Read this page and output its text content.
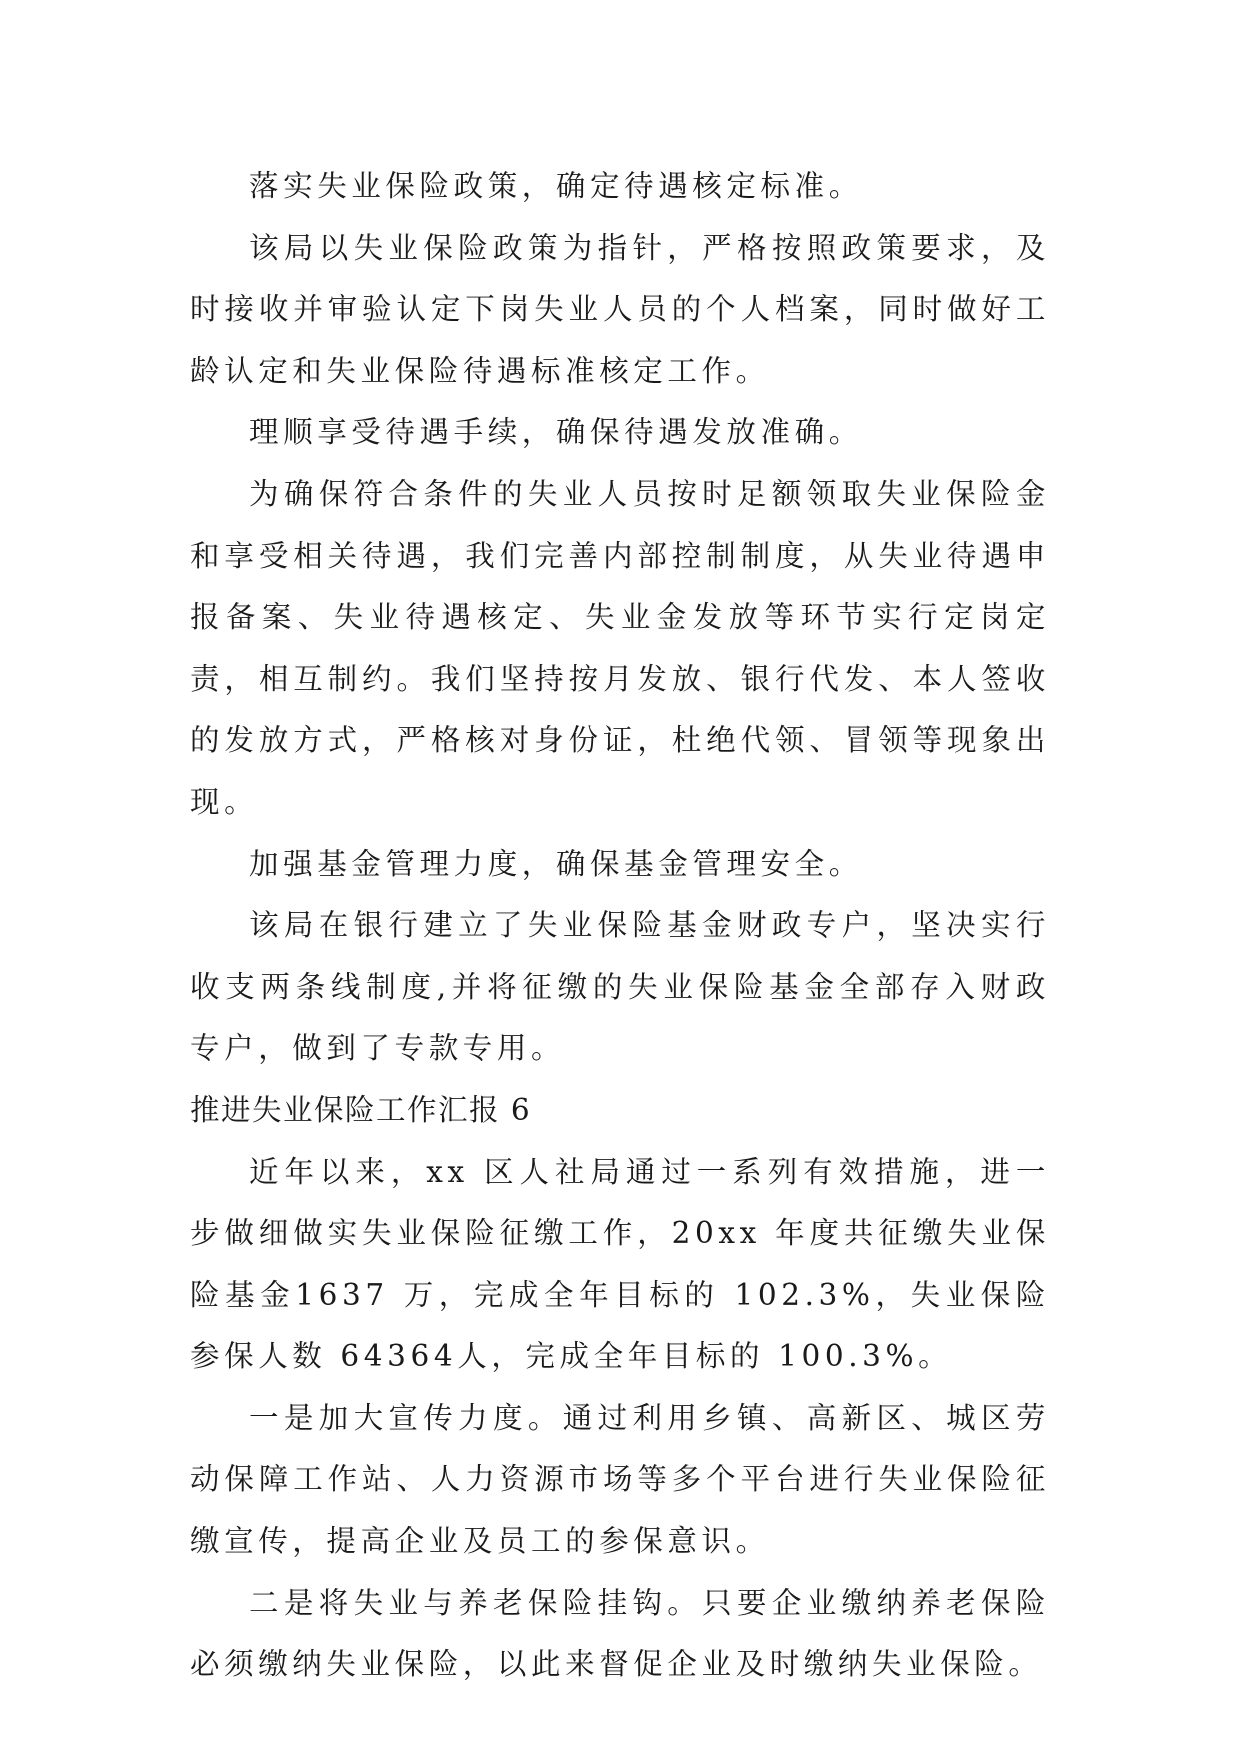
落实失业保险政策，确定待遇核定标准。

该局以失业保险政策为指针，严格按照政策要求，及时接收并审验认定下岗失业人员的个人档案，同时做好工龄认定和失业保险待遇标准核定工作。

理顺享受待遇手续，确保待遇发放准确。

为确保符合条件的失业人员按时足额领取失业保险金和享受相关待遇，我们完善内部控制制度，从失业待遇申报备案、失业待遇核定、失业金发放等环节实行定岗定责，相互制约。我们坚持按月发放、银行代发、本人签收的发放方式，严格核对身份证，杜绝代领、冒领等现象出现。

加强基金管理力度，确保基金管理安全。

该局在银行建立了失业保险基金财政专户，坚决实行收支两条线制度,并将征缴的失业保险基金全部存入财政专户，做到了专款专用。

推进失业保险工作汇报 6

近年以来，xx 区人社局通过一系列有效措施，进一步做细做实失业保险征缴工作，20xx 年度共征缴失业保险基金1637 万，完成全年目标的 102.3%，失业保险参保人数 64364人，完成全年目标的 100.3%。

一是加大宣传力度。通过利用乡镇、高新区、城区劳动保障工作站、人力资源市场等多个平台进行失业保险征缴宣传，提高企业及员工的参保意识。

二是将失业与养老保险挂钩。只要企业缴纳养老保险必须缴纳失业保险，以此来督促企业及时缴纳失业保险。
